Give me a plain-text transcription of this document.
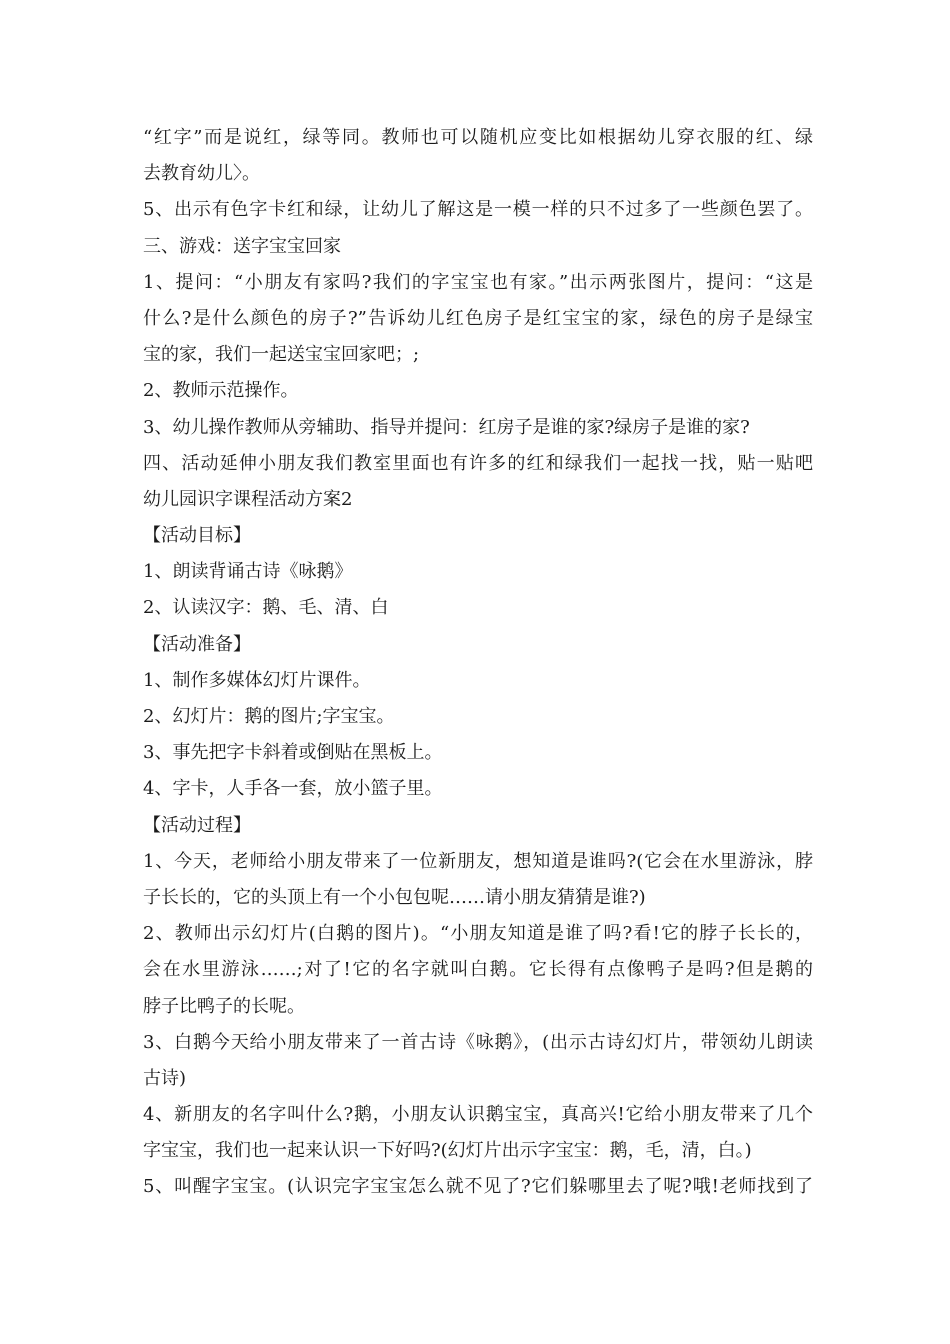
“红字”而是说红，绿等同。教师也可以随机应变比如根据幼儿穿衣服的红、绿
去教育幼儿〉。
5、出示有色字卡红和绿，让幼儿了解这是一模一样的只不过多了一些颜色罢了。
三、游戏：送字宝宝回家
1、提问：“小朋友有家吗?我们的字宝宝也有家。”出示两张图片，提问：“这是
什么?是什么颜色的房子?”告诉幼儿红色房子是红宝宝的家，绿色的房子是绿宝
宝的家，我们一起送宝宝回家吧；;
2、教师示范操作。
3、幼儿操作教师从旁辅助、指导并提问：红房子是谁的家?绿房子是谁的家?
四、活动延伸小朋友我们教室里面也有许多的红和绿我们一起找一找，贴一贴吧
幼儿园识字课程活动方案2
【活动目标】
1、朗读背诵古诗《咏鹅》
2、认读汉字：鹅、毛、清、白
【活动准备】
1、制作多媒体幻灯片课件。
2、幻灯片：鹅的图片;字宝宝。
3、事先把字卡斜着或倒贴在黑板上。
4、字卡，人手各一套，放小篮子里。
【活动过程】
1、今天，老师给小朋友带来了一位新朋友，想知道是谁吗?(它会在水里游泳，脖
子长长的，它的头顶上有一个小包包呢……请小朋友猜猜是谁?)
2、教师出示幻灯片(白鹅的图片)。“小朋友知道是谁了吗?看!它的脖子长长的，
会在水里游泳……;对了!它的名字就叫白鹅。它长得有点像鸭子是吗?但是鹅的
脖子比鸭子的长呢。
3、白鹅今天给小朋友带来了一首古诗《咏鹅》，(出示古诗幻灯片，带领幼儿朗读
古诗)
4、新朋友的名字叫什么?鹅，小朋友认识鹅宝宝，真高兴!它给小朋友带来了几个
字宝宝，我们也一起来认识一下好吗?(幻灯片出示字宝宝：鹅，毛，清，白。)
5、叫醒字宝宝。(认识完字宝宝怎么就不见了?它们躲哪里去了呢?哦!老师找到了
